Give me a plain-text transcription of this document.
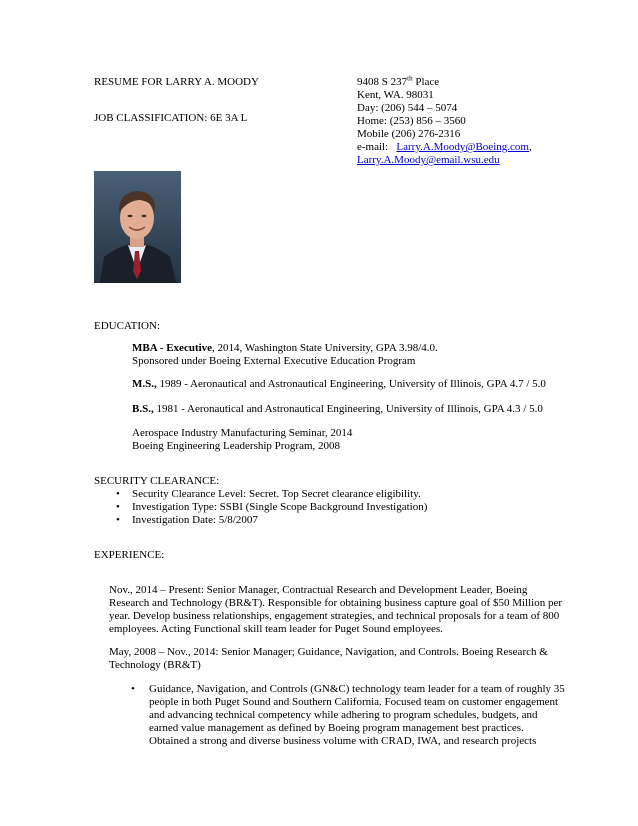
RESUME FOR LARRY A. MOODY
JOB CLASSIFICATION: 6E 3A L
9408 S 237th Place
Kent, WA. 98031
Day: (206) 544 – 5074
Home: (253) 856 – 3560
Mobile (206) 276-2316
e-mail:   Larry.A.Moody@Boeing.com,
Larry.A.Moody@email.wsu.edu
EDUCATION:
MBA - Executive, 2014, Washington State University, GPA 3.98/4.0.
Sponsored under Boeing External Executive Education Program
M.S., 1989 - Aeronautical and Astronautical Engineering, University of Illinois, GPA 4.7 / 5.0
B.S., 1981 - Aeronautical and Astronautical Engineering, University of Illinois, GPA 4.3 / 5.0
Aerospace Industry Manufacturing Seminar, 2014
Boeing Engineering Leadership Program, 2008
SECURITY CLEARANCE:
• Security Clearance Level: Secret. Top Secret clearance eligibility.
• Investigation Type: SSBI (Single Scope Background Investigation)
• Investigation Date: 5/8/2007
EXPERIENCE:
Nov., 2014 – Present: Senior Manager, Contractual Research and Development Leader, Boeing
Research and Technology (BR&T). Responsible for obtaining business capture goal of $50 Million per
year. Develop business relationships, engagement strategies, and technical proposals for a team of 800
employees. Acting Functional skill team leader for Puget Sound employees.
May, 2008 – Nov., 2014: Senior Manager; Guidance, Navigation, and Controls. Boeing Research &
Technology (BR&T)
• Guidance, Navigation, and Controls (GN&C) technology team leader for a team of roughly 35
people in both Puget Sound and Southern California. Focused team on customer engagement
and advancing technical competency while adhering to program schedules, budgets, and
earned value management as defined by Boeing program management best practices.
Obtained a strong and diverse business volume with CRAD, IWA, and research projects
